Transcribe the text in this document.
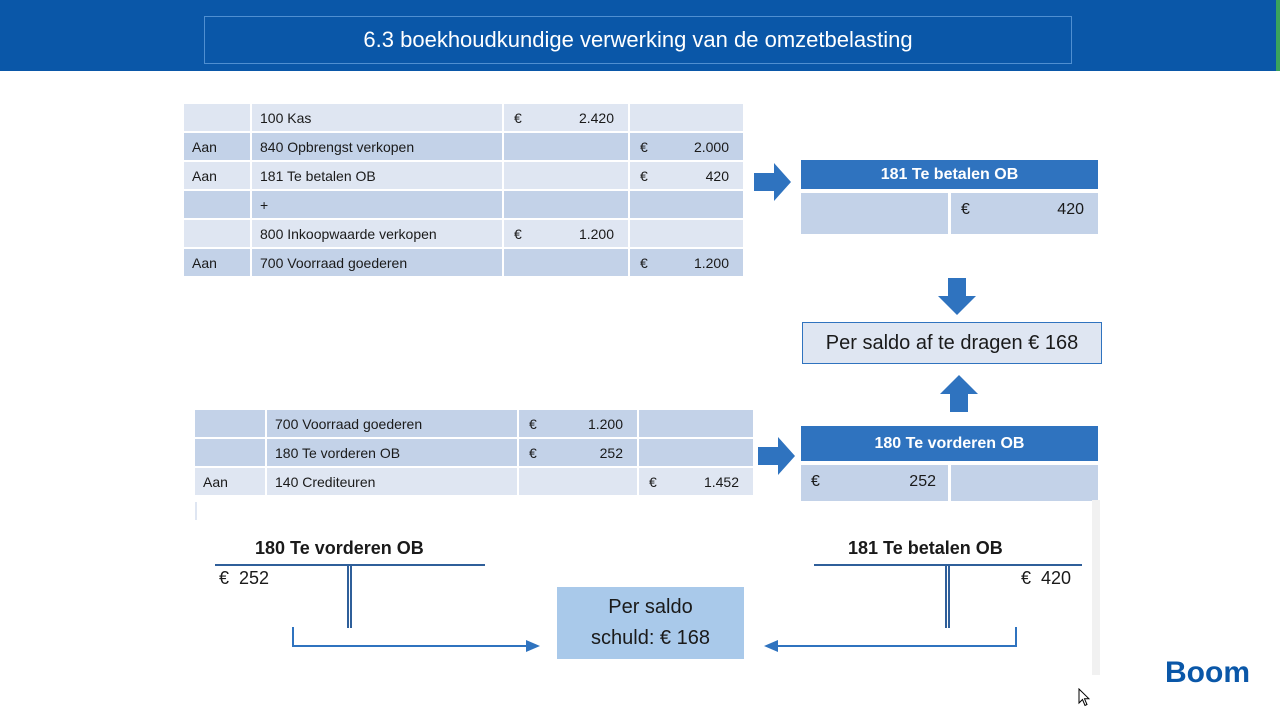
6.3 boekhoudkundige verwerking van de omzetbelasting
	100 Kas	€ 2.420	

Aan	840 Opbrengst verkopen		€ 2.000

Aan	181 Te betalen OB		€ 420

	+	

	800 Inkoopwaarde verkopen	€ 1.200	

Aan	700 Voorraad goederen		€ 1.200
	700 Voorraad goederen	€ 1.200	

	180 Te vorderen OB	€ 252	

Aan	140 Crediteuren		€ 1.452
181 Te betalen OB
€	420
Per saldo af te dragen € 168
180 Te vorderen OB
€	252
180 Te vorderen OB
€  252
181 Te betalen OB
€  420
Per saldo
schuld: € 168
Boom
